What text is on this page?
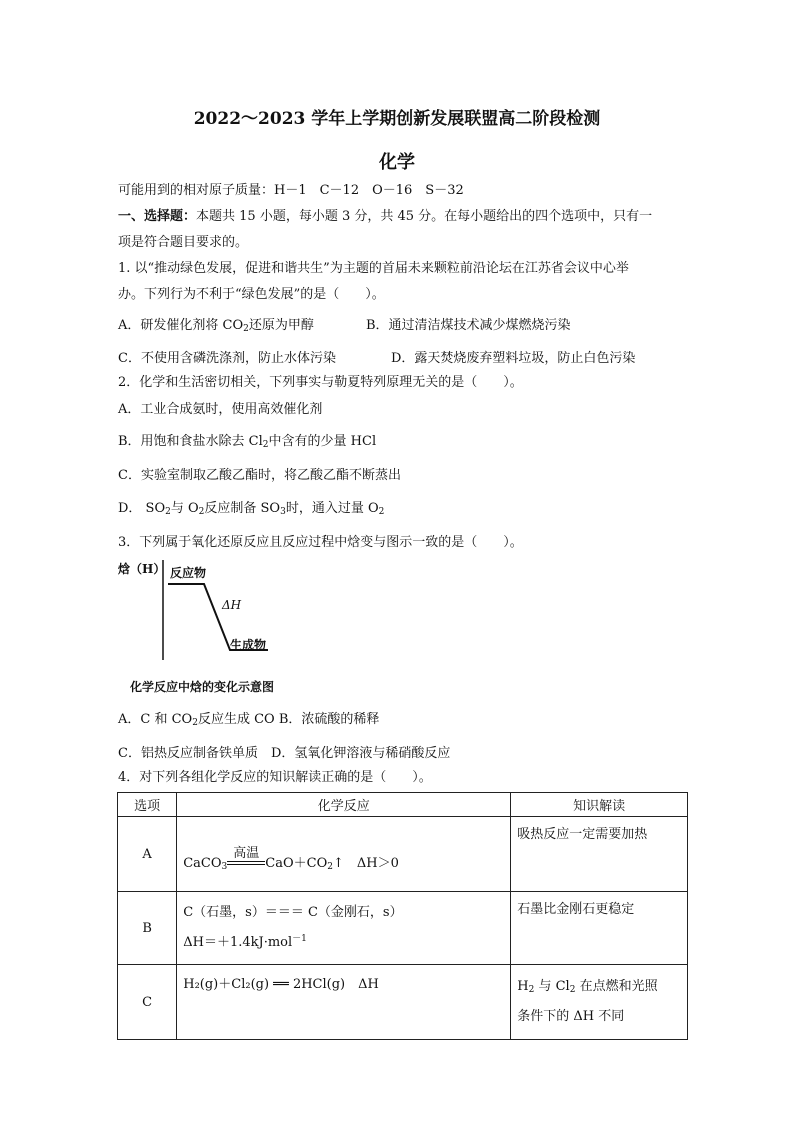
2022～2023 学年上学期创新发展联盟高二阶段检测
化学
可能用到的相对原子质量：H－1　C－12　O－16　S－32
一、选择题：本题共 15 小题，每小题 3 分，共 45 分。在每小题给出的四个选项中，只有一
项是符合题目要求的。
1. 以“推动绿色发展，促进和谐共生”为主题的首届未来颗粒前沿论坛在江苏省会议中心举
办。下列行为不利于“绿色发展”的是（　　）。
A．研发催化剂将 $CO_2$还原为甲醇	B．通过清洁煤技术减少煤燃烧污染
C．不使用含磷洗涤剂，防止水体污染	D．露天焚烧废弃塑料垃圾，防止白色污染
2．化学和生活密切相关，下列事实与勒夏特列原理无关的是（　　）。
A．工业合成氨时，使用高效催化剂
B．用饱和食盐水除去 $Cl_2$中含有的少量 HCl
C．实验室制取乙酸乙酯时，将乙酸乙酯不断蒸出
D． $SO_2$与 $O_2$反应制备 $SO_3$时，通入过量 $O_2$
3．下列属于氧化还原反应且反应过程中焓变与图示一致的是（　　）。
焓（H） 反应物
ΔH
生成物
化学反应中焓的变化示意图
A．C 和 $CO_2$反应生成 CO B．浓硫酸的稀释
C．铝热反应制备铁单质　D．氢氧化钾溶液与稀硝酸反应
4．对下列各组化学反应的知识解读正确的是（　　）。
选项	化学反应	知识解读
A	CaCO$_3$
高温
$CaO+CO_2↑$　ΔH＞0	吸热反应一定需要加热
B	C（石墨，s）＝＝＝ C（金刚石，s）
ΔH＝＋1.4kJ·mol$^{-1}$	石墨比金刚石更稳定
C	H₂(g)＋Cl₂(g) ══ 2HCl(g)　ΔH	$H_2$ 与 $Cl_2$ 在点燃和光照
条件下的 ΔH 不同
